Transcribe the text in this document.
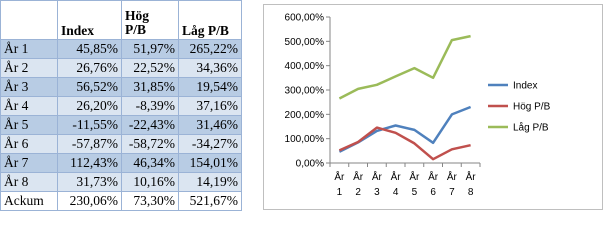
	Index	Hög P/B	Låg P/B
År 1	45,85%	51,97%	265,22%
År 2	26,76%	22,52%	34,36%
År 3	56,52%	31,85%	19,54%
År 4	26,20%	-8,39%	37,16%
År 5	-11,55%	-22,43%	31,46%
År 6	-57,87%	-58,72%	-34,27%
År 7	112,43%	46,34%	154,01%
År 8	31,73%	10,16%	14,19%
Ackum	230,06%	73,30%	521,67%
0,00%
100,00%
200,00%
300,00%
400,00%
500,00%
600,00%
År 1
År 2
År 3
År 4
År 5
År 6
År 7
År 8
Index
Hög P/B
Låg P/B
